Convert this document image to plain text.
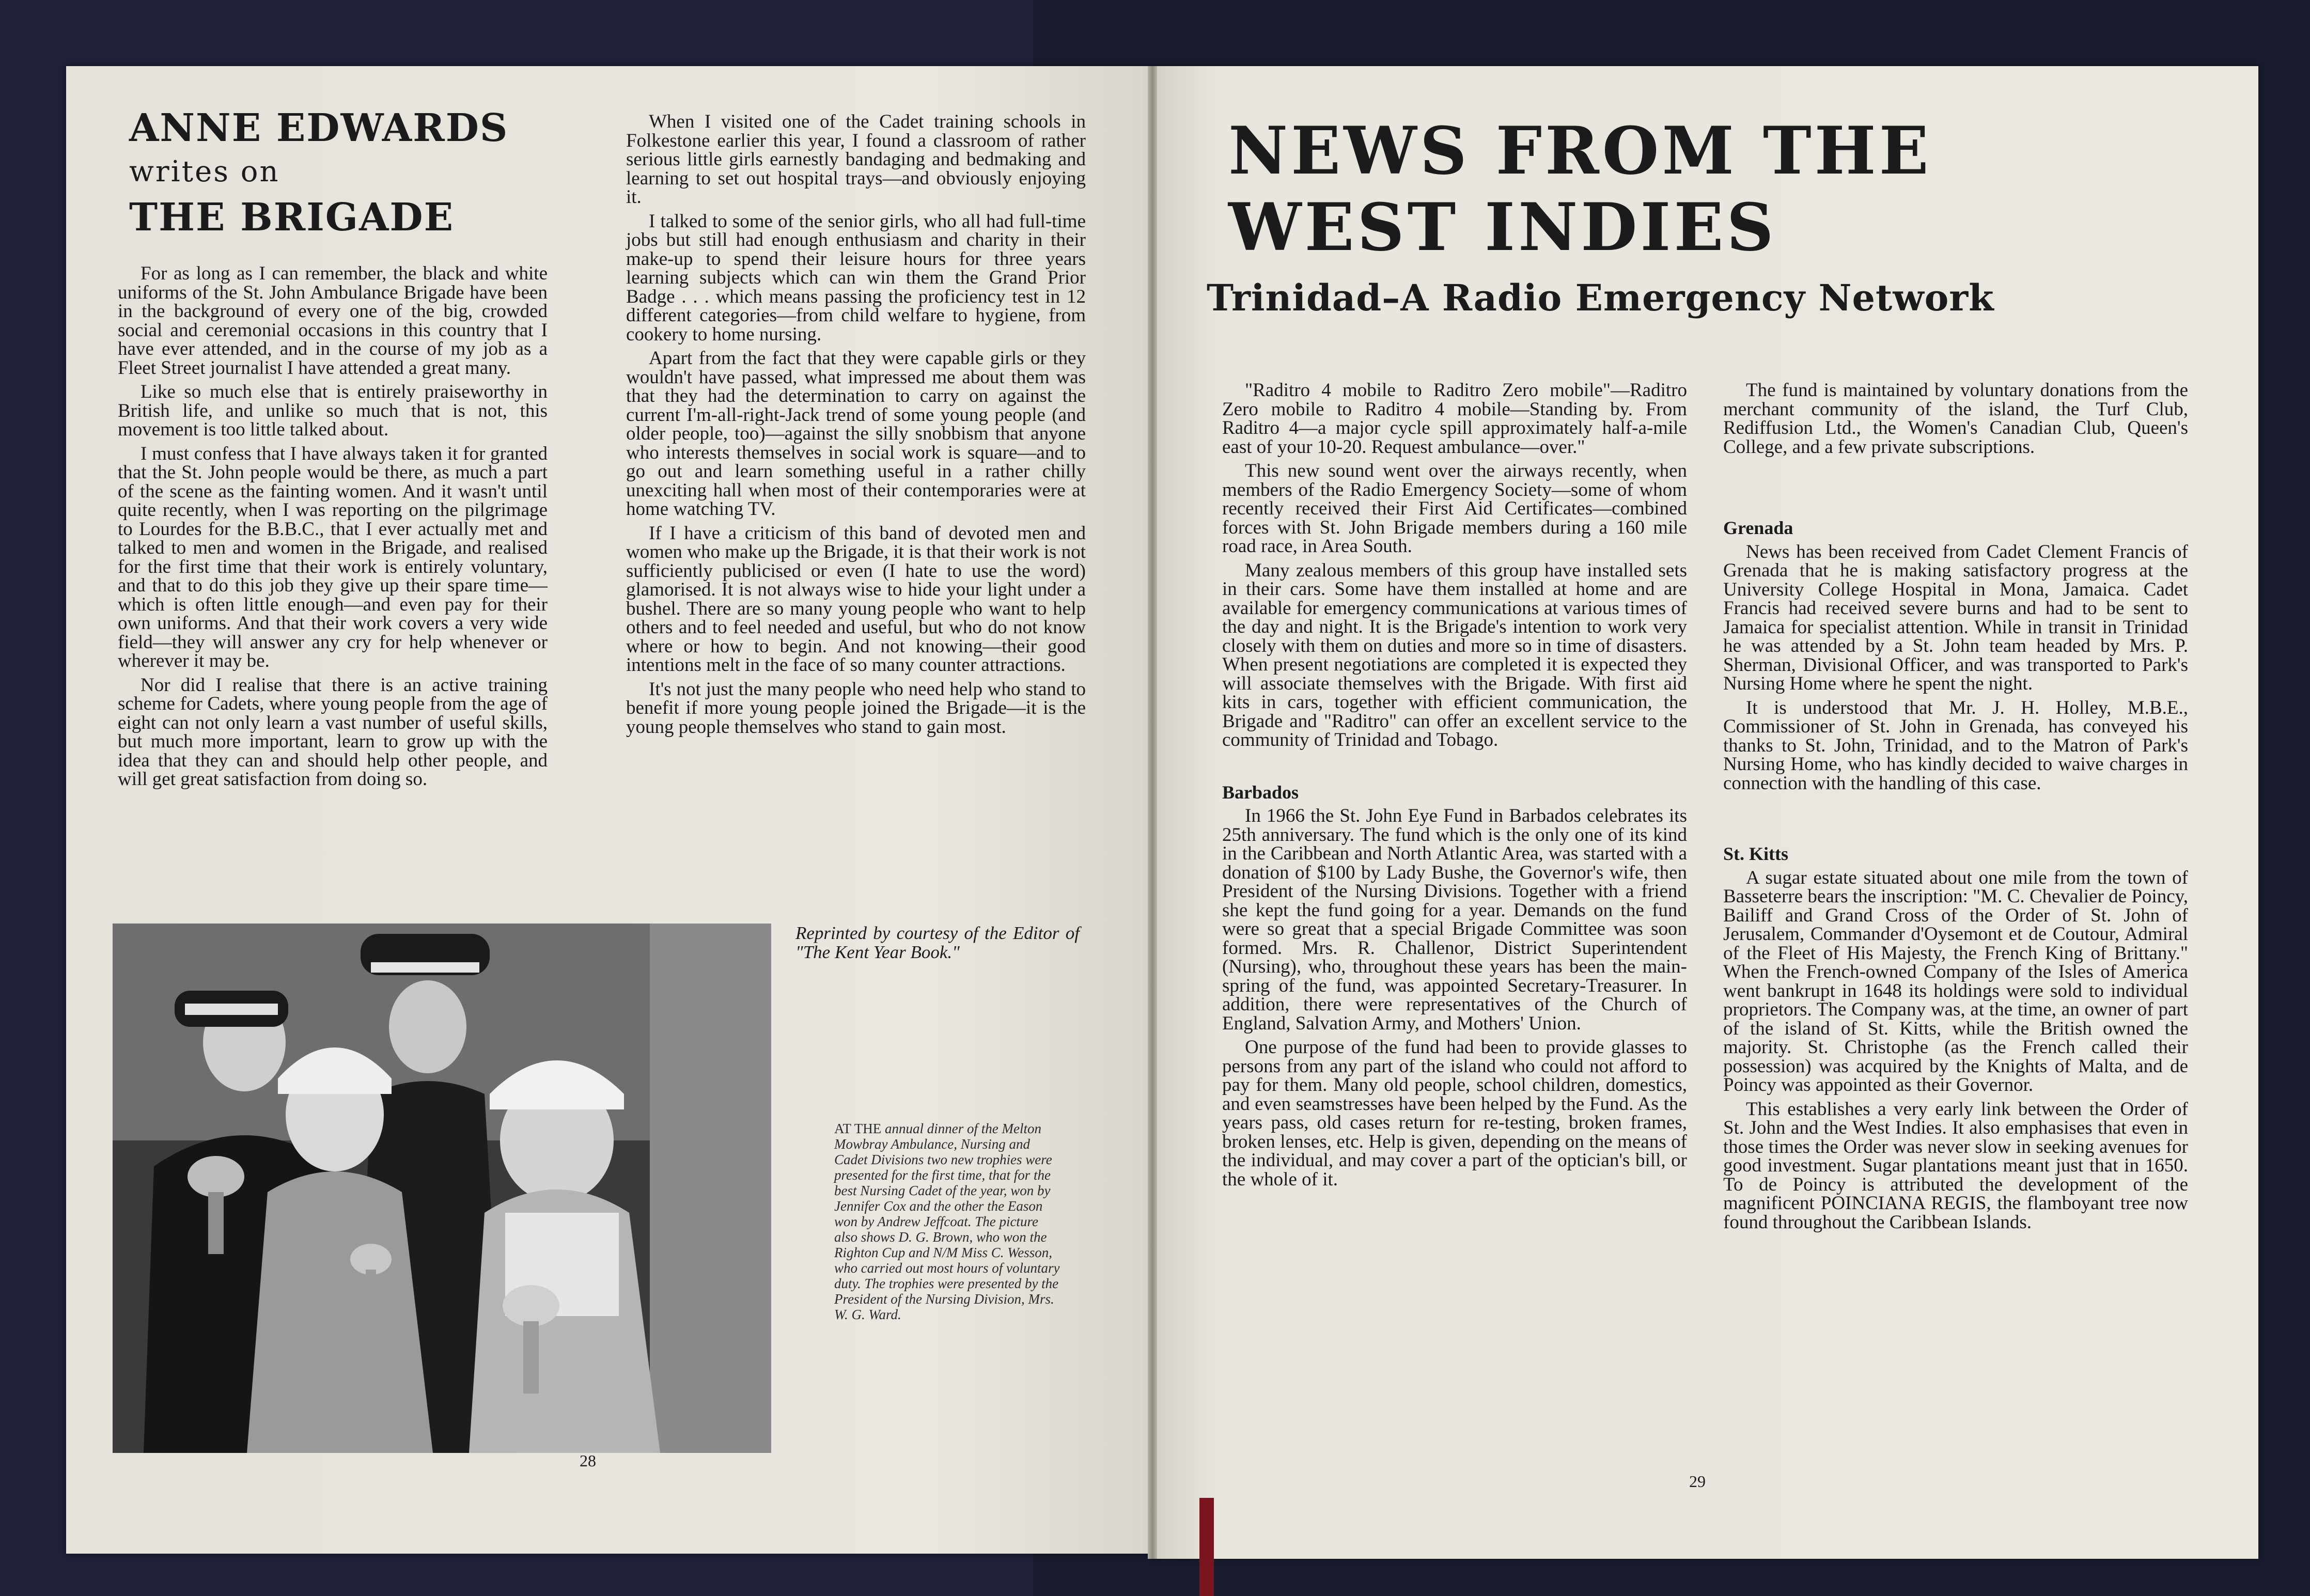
ANNE EDWARDS
writes on
THE BRIGADE

For as long as I can remember, the black and white uniforms of the St. John Ambulance Brigade have been in the background of every one of the big, crowded social and ceremonial occasions in this country that I have ever attended, and in the course of my job as a Fleet Street journalist I have attended a great many.

Like so much else that is entirely praiseworthy in British life, and unlike so much that is not, this movement is too little talked about.

I must confess that I have always taken it for granted that the St. John people would be there, as much a part of the scene as the fainting women. And it wasn't until quite recently, when I was reporting on the pilgrimage to Lourdes for the B.B.C., that I ever actually met and talked to men and women in the Brigade, and realised for the first time that their work is entirely voluntary, and that to do this job they give up their spare time—which is often little enough—and even pay for their own uniforms. And that their work covers a very wide field—they will answer any cry for help whenever or wherever it may be.

Nor did I realise that there is an active training scheme for Cadets, where young people from the age of eight can not only learn a vast number of useful skills, but much more important, learn to grow up with the idea that they can and should help other people, and will get great satisfaction from doing so.

When I visited one of the Cadet training schools in Folkestone earlier this year, I found a classroom of rather serious little girls earnestly bandaging and bedmaking and learning to set out hospital trays—and obviously enjoying it.

I talked to some of the senior girls, who all had full-time jobs but still had enough enthusiasm and charity in their make-up to spend their leisure hours for three years learning subjects which can win them the Grand Prior Badge . . . which means passing the proficiency test in 12 different categories—from child welfare to hygiene, from cookery to home nursing.

Apart from the fact that they were capable girls or they wouldn't have passed, what impressed me about them was that they had the determination to carry on against the current I'm-all-right-Jack trend of some young people (and older people, too)—against the silly snobbism that anyone who interests themselves in social work is square—and to go out and learn something useful in a rather chilly unexciting hall when most of their contemporaries were at home watching TV.

If I have a criticism of this band of devoted men and women who make up the Brigade, it is that their work is not sufficiently publicised or even (I hate to use the word) glamorised. It is not always wise to hide your light under a bushel. There are so many young people who want to help others and to feel needed and useful, but who do not know where or how to begin. And not knowing—their good intentions melt in the face of so many counter attractions.

It's not just the many people who need help who stand to benefit if more young people joined the Brigade—it is the young people themselves who stand to gain most.

Reprinted by courtesy of the Editor of "The Kent Year Book."
AT THE annual dinner of the Melton Mowbray Ambulance, Nursing and Cadet Divisions two new trophies were presented for the first time, that for the best Nursing Cadet of the year, won by Jennifer Cox and the other the Eason won by Andrew Jeffcoat. The picture also shows D. G. Brown, who won the Righton Cup and N/M Miss C. Wesson, who carried out most hours of voluntary duty. The trophies were presented by the President of the Nursing Division, Mrs. W. G. Ward.
28
NEWS FROM THE
WEST INDIES
Trinidad–A Radio Emergency Network

"Raditro 4 mobile to Raditro Zero mobile"—Raditro Zero mobile to Raditro 4 mobile—Standing by. From Raditro 4—a major cycle spill approximately half-a-mile east of your 10-20. Request ambulance—over."

This new sound went over the airways recently, when members of the Radio Emergency Society—some of whom recently received their First Aid Certificates—combined forces with St. John Brigade members during a 160 mile road race, in Area South.

Many zealous members of this group have installed sets in their cars. Some have them installed at home and are available for emergency communications at various times of the day and night. It is the Brigade's intention to work very closely with them on duties and more so in time of disasters. When present negotiations are completed it is expected they will associate themselves with the Brigade. With first aid kits in cars, together with efficient communication, the Brigade and "Raditro" can offer an excellent service to the community of Trinidad and Tobago.

Barbados

In 1966 the St. John Eye Fund in Barbados celebrates its 25th anniversary. The fund which is the only one of its kind in the Caribbean and North Atlantic Area, was started with a donation of $100 by Lady Bushe, the Governor's wife, then President of the Nursing Divisions. Together with a friend she kept the fund going for a year. Demands on the fund were so great that a special Brigade Committee was soon formed. Mrs. R. Challenor, District Superintendent (Nursing), who, throughout these years has been the main-spring of the fund, was appointed Secretary-Treasurer. In addition, there were representatives of the Church of England, Salvation Army, and Mothers' Union.

One purpose of the fund had been to provide glasses to persons from any part of the island who could not afford to pay for them. Many old people, school children, domestics, and even seamstresses have been helped by the Fund. As the years pass, old cases return for re-testing, broken frames, broken lenses, etc. Help is given, depending on the means of the individual, and may cover a part of the optician's bill, or the whole of it.

The fund is maintained by voluntary donations from the merchant community of the island, the Turf Club, Rediffusion Ltd., the Women's Canadian Club, Queen's College, and a few private subscriptions.

Grenada

News has been received from Cadet Clement Francis of Grenada that he is making satisfactory progress at the University College Hospital in Mona, Jamaica. Cadet Francis had received severe burns and had to be sent to Jamaica for specialist attention. While in transit in Trinidad he was attended by a St. John team headed by Mrs. P. Sherman, Divisional Officer, and was transported to Park's Nursing Home where he spent the night.

It is understood that Mr. J. H. Holley, M.B.E., Commissioner of St. John in Grenada, has conveyed his thanks to St. John, Trinidad, and to the Matron of Park's Nursing Home, who has kindly decided to waive charges in connection with the handling of this case.

St. Kitts

A sugar estate situated about one mile from the town of Basseterre bears the inscription: "M. C. Chevalier de Poincy, Bailiff and Grand Cross of the Order of St. John of Jerusalem, Commander d'Oysemont et de Coutour, Admiral of the Fleet of His Majesty, the French King of Brittany." When the French-owned Company of the Isles of America went bankrupt in 1648 its holdings were sold to individual proprietors. The Company was, at the time, an owner of part of the island of St. Kitts, while the British owned the majority. St. Christophe (as the French called their possession) was acquired by the Knights of Malta, and de Poincy was appointed as their Governor.

This establishes a very early link between the Order of St. John and the West Indies. It also emphasises that even in those times the Order was never slow in seeking avenues for good investment. Sugar plantations meant just that in 1650. To de Poincy is attributed the development of the magnificent POINCIANA REGIS, the flamboyant tree now found throughout the Caribbean Islands.

29
